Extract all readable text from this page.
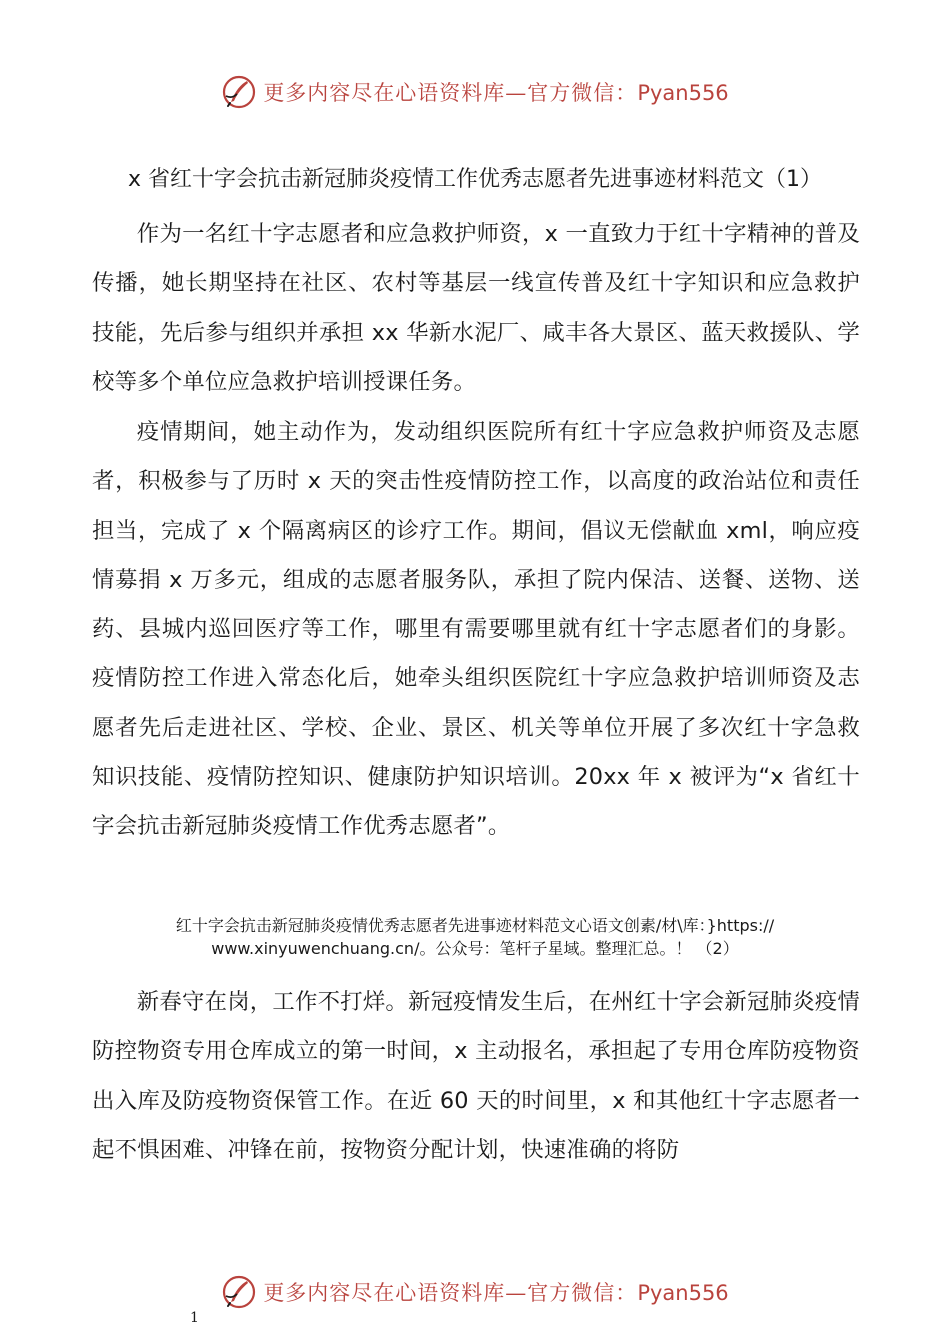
更多内容尽在心语资料库—官方微信：Pyan556
x 省红十字会抗击新冠肺炎疫情工作优秀志愿者先进事迹材料范文（1）

作为一名红十字志愿者和应急救护师资，x 一直致力于红十字精神的普及传播，她长期坚持在社区、农村等基层一线宣传普及红十字知识和应急救护技能，先后参与组织并承担 xx 华新水泥厂、咸丰各大景区、蓝天救援队、学校等多个单位应急救护培训授课任务。

疫情期间，她主动作为，发动组织医院所有红十字应急救护师资及志愿者，积极参与了历时 x 天的突击性疫情防控工作，以高度的政治站位和责任担当，完成了 x 个隔离病区的诊疗工作。期间，倡议无偿献血 xml，响应疫情募捐 x 万多元，组成的志愿者服务队，承担了院内保洁、送餐、送物、送药、县城内巡回医疗等工作，哪里有需要哪里就有红十字志愿者们的身影。疫情防控工作进入常态化后，她牵头组织医院红十字应急救护培训师资及志愿者先后走进社区、学校、企业、景区、机关等单位开展了多次红十字急救知识技能、疫情防控知识、健康防护知识培训。20xx 年 x 被评为“x 省红十字会抗击新冠肺炎疫情工作优秀志愿者”。

红十字会抗击新冠肺炎疫情优秀志愿者先进事迹材料范文心语文创素/材\库：}https://
www.xinyuwenchuang.cn/。公众号：笔杆子星域。整理汇总。！ （2）

新春守在岗，工作不打烊。新冠疫情发生后，在州红十字会新冠肺炎疫情防控物资专用仓库成立的第一时间，x 主动报名，承担起了专用仓库防疫物资出入库及防疫物资保管工作。在近 60 天的时间里，x 和其他红十字志愿者一起不惧困难、冲锋在前，按物资分配计划，快速准确的将防

更多内容尽在心语资料库—官方微信：Pyan556
1
